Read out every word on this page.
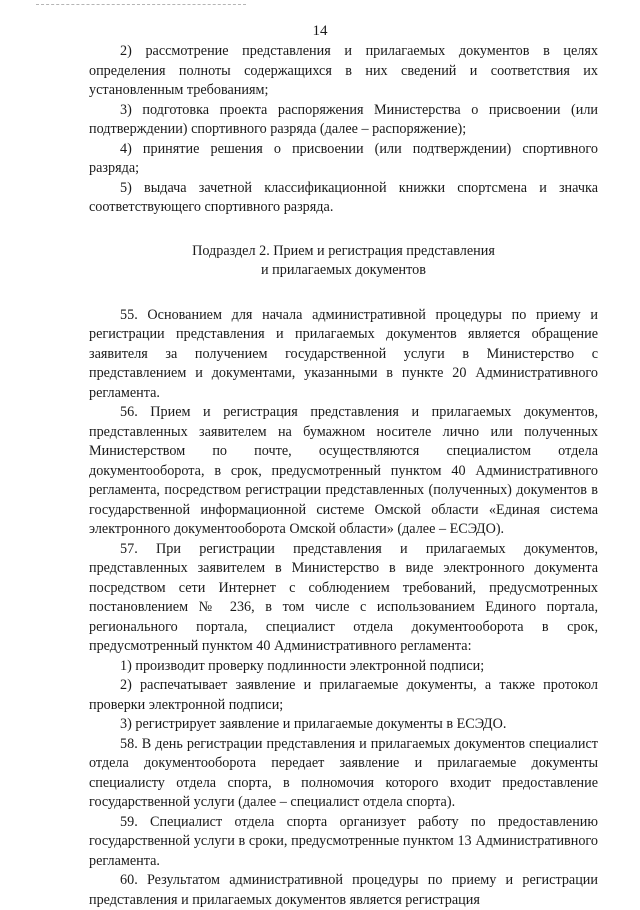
14

2) рассмотрение представления и прилагаемых документов в целях определения полноты содержащихся в них сведений и соответствия их установленным требованиям;

3) подготовка проекта распоряжения Министерства о присвоении (или подтверждении) спортивного разряда (далее – распоряжение);

4) принятие решения о присвоении (или подтверждении) спортивного разряда;

5) выдача зачетной классификационной книжки спортсмена и значка соответствующего спортивного разряда.

Подраздел 2. Прием и регистрация представления
и прилагаемых документов

55. Основанием для начала административной процедуры по приему и регистрации представления и прилагаемых документов является обращение заявителя за получением государственной услуги в Министерство с представлением и документами, указанными в пункте 20 Административного регламента.

56. Прием и регистрация представления и прилагаемых документов, представленных заявителем на бумажном носителе лично или полученных Министерством по почте, осуществляются специалистом отдела документооборота, в срок, предусмотренный пунктом 40 Административного регламента, посредством регистрации представленных (полученных) документов в государственной информационной системе Омской области «Единая система электронного документооборота Омской области» (далее – ЕСЭДО).

57. При регистрации представления и прилагаемых документов, представленных заявителем в Министерство в виде электронного документа посредством сети Интернет с соблюдением требований, предусмотренных постановлением № 236, в том числе с использованием Единого портала, регионального портала, специалист отдела документооборота в срок, предусмотренный пунктом 40 Административного регламента:

1) производит проверку подлинности электронной подписи;

2) распечатывает заявление и прилагаемые документы, а также протокол проверки электронной подписи;

3) регистрирует заявление и прилагаемые документы в ЕСЭДО.

58. В день регистрации представления и прилагаемых документов специалист отдела документооборота передает заявление и прилагаемые документы специалисту отдела спорта, в полномочия которого входит предоставление государственной услуги (далее – специалист отдела спорта).

59. Специалист отдела спорта организует работу по предоставлению государственной услуги в сроки, предусмотренные пунктом 13 Административного регламента.

60. Результатом административной процедуры по приему и регистрации представления и прилагаемых документов является регистрация
